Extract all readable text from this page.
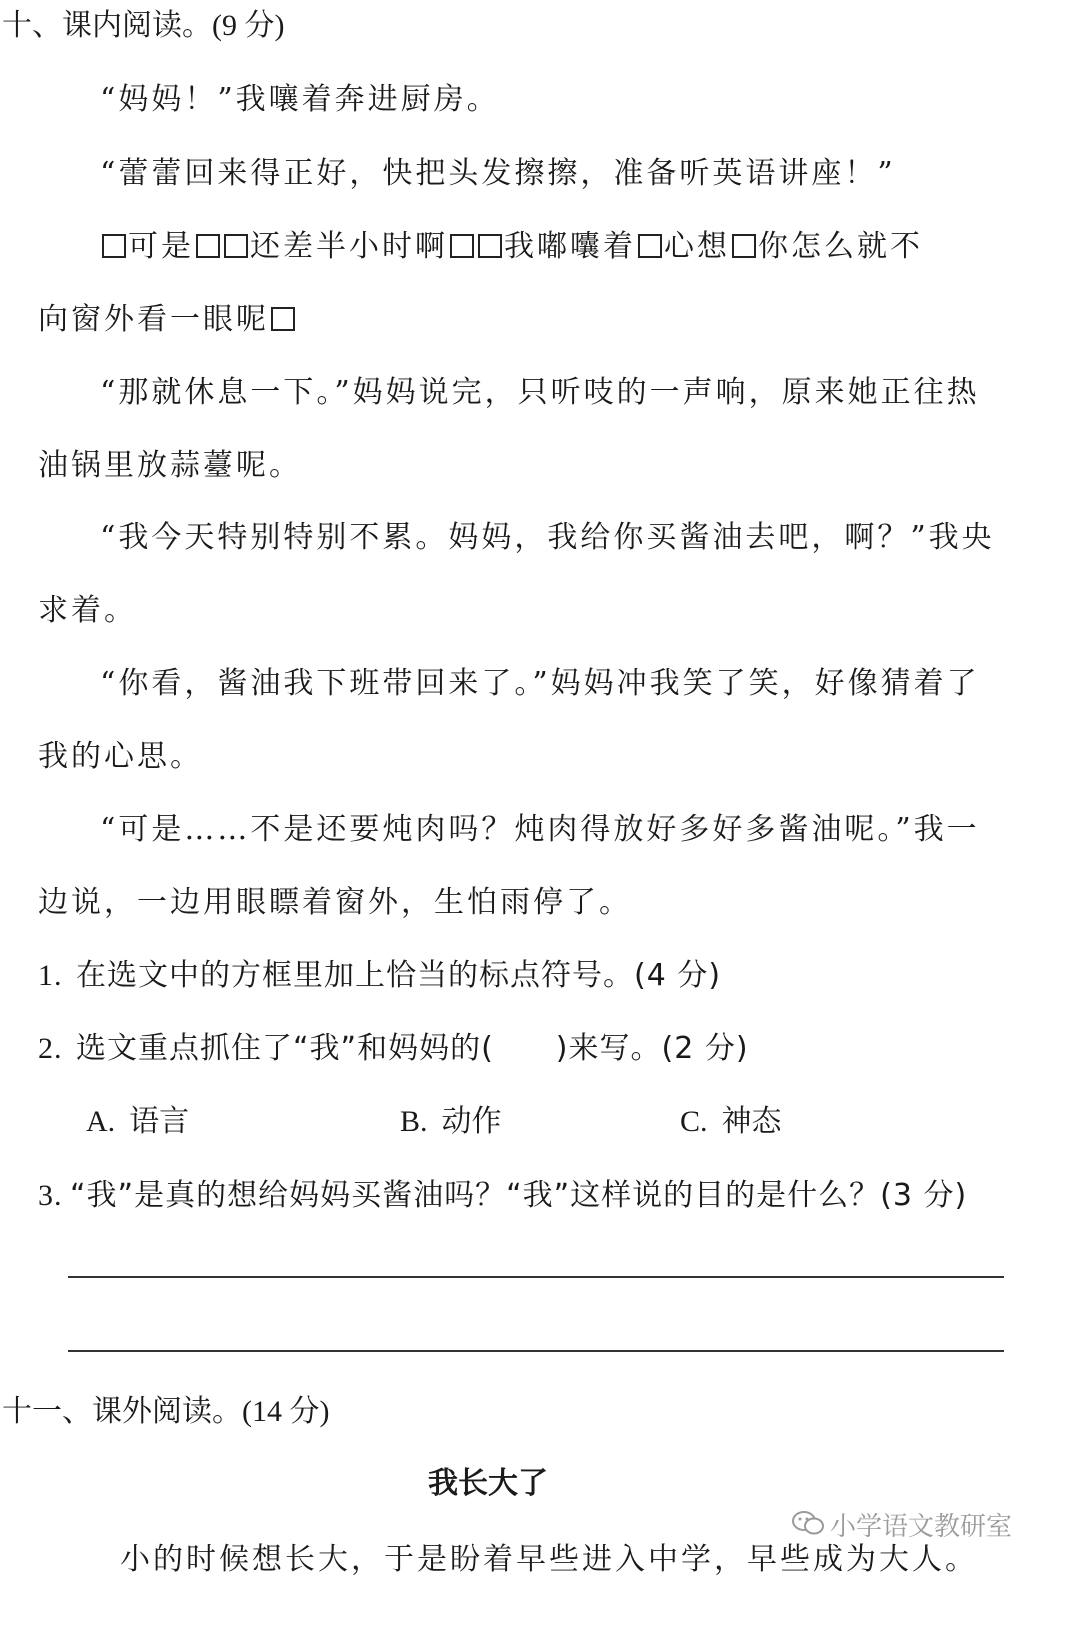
十、课内阅读。(9 分)
“妈妈！”我嚷着奔进厨房。
“蕾蕾回来得正好，快把头发擦擦，准备听英语讲座！”
可是 还差半小时啊 我嘟囔着 心想 你怎么就不
向窗外看一眼呢
“那就休息一下。”妈妈说完，只听吱的一声响，原来她正往热
油锅里放蒜薹呢。
“我今天特别特别不累。妈妈，我给你买酱油去吧，啊？”我央
求着。
“你看，酱油我下班带回来了。”妈妈冲我笑了笑，好像猜着了
我的心思。
“可是……不是还要炖肉吗？炖肉得放好多好多酱油呢。”我一
边说，一边用眼瞟着窗外，生怕雨停了。
1. 在选文中的方框里加上恰当的标点符号。(4 分)
2. 选文重点抓住了“我”和妈妈的(　　)来写。(2 分)
A. 语言	B. 动作	C. 神态
3. “我”是真的想给妈妈买酱油吗？“我”这样说的目的是什么？(3 分)
十一、课外阅读。(14 分)
我长大了
小学语文教研室
小的时候想长大，于是盼着早些进入中学，早些成为大人。
